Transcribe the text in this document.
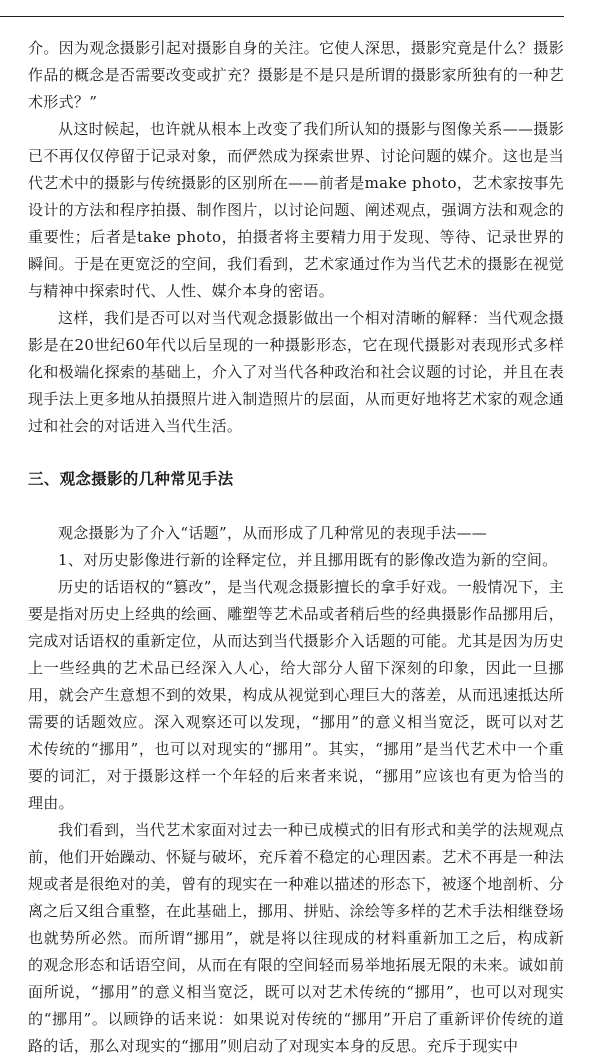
介。因为观念摄影引起对摄影自身的关注。它使人深思，摄影究竟是什么？摄影作品的概念是否需要改变或扩充？摄影是不是只是所谓的摄影家所独有的一种艺术形式？”

从这时候起，也许就从根本上改变了我们所认知的摄影与图像关系——摄影已不再仅仅停留于记录对象，而俨然成为探索世界、讨论问题的媒介。这也是当代艺术中的摄影与传统摄影的区别所在——前者是make photo，艺术家按事先设计的方法和程序拍摄、制作图片，以讨论问题、阐述观点，强调方法和观念的重要性；后者是take photo，拍摄者将主要精力用于发现、等待、记录世界的瞬间。于是在更宽泛的空间，我们看到，艺术家通过作为当代艺术的摄影在视觉与精神中探索时代、人性、媒介本身的密语。

这样，我们是否可以对当代观念摄影做出一个相对清晰的解释：当代观念摄影是在20世纪60年代以后呈现的一种摄影形态，它在现代摄影对表现形式多样化和极端化探索的基础上，介入了对当代各种政治和社会议题的讨论，并且在表现手法上更多地从拍摄照片进入制造照片的层面，从而更好地将艺术家的观念通过和社会的对话进入当代生活。

三、观念摄影的几种常见手法

观念摄影为了介入“话题”，从而形成了几种常见的表现手法——

1、对历史影像进行新的诠释定位，并且挪用既有的影像改造为新的空间。

历史的话语权的“篡改”，是当代观念摄影擅长的拿手好戏。一般情况下，主要是指对历史上经典的绘画、雕塑等艺术品或者稍后些的经典摄影作品挪用后，完成对话语权的重新定位，从而达到当代摄影介入话题的可能。尤其是因为历史上一些经典的艺术品已经深入人心，给大部分人留下深刻的印象，因此一旦挪用，就会产生意想不到的效果，构成从视觉到心理巨大的落差，从而迅速抵达所需要的话题效应。深入观察还可以发现，“挪用”的意义相当宽泛，既可以对艺术传统的“挪用”，也可以对现实的“挪用”。其实，“挪用”是当代艺术中一个重要的词汇，对于摄影这样一个年轻的后来者来说，“挪用”应该也有更为恰当的理由。

我们看到，当代艺术家面对过去一种已成模式的旧有形式和美学的法规观点前，他们开始躁动、怀疑与破坏，充斥着不稳定的心理因素。艺术不再是一种法规或者是很绝对的美，曾有的现实在一种难以描述的形态下，被逐个地剖析、分离之后又组合重整，在此基础上，挪用、拼贴、涂绘等多样的艺术手法相继登场也就势所必然。而所谓“挪用”，就是将以往现成的材料重新加工之后，构成新的观念形态和话语空间，从而在有限的空间轻而易举地拓展无限的未来。诚如前面所说，“挪用”的意义相当宽泛，既可以对艺术传统的“挪用”，也可以对现实的“挪用”。以顾铮的话来说：如果说对传统的“挪用”开启了重新评价传统的道路的话，那么对现实的“挪用”则启动了对现实本身的反思。充斥于现实中
